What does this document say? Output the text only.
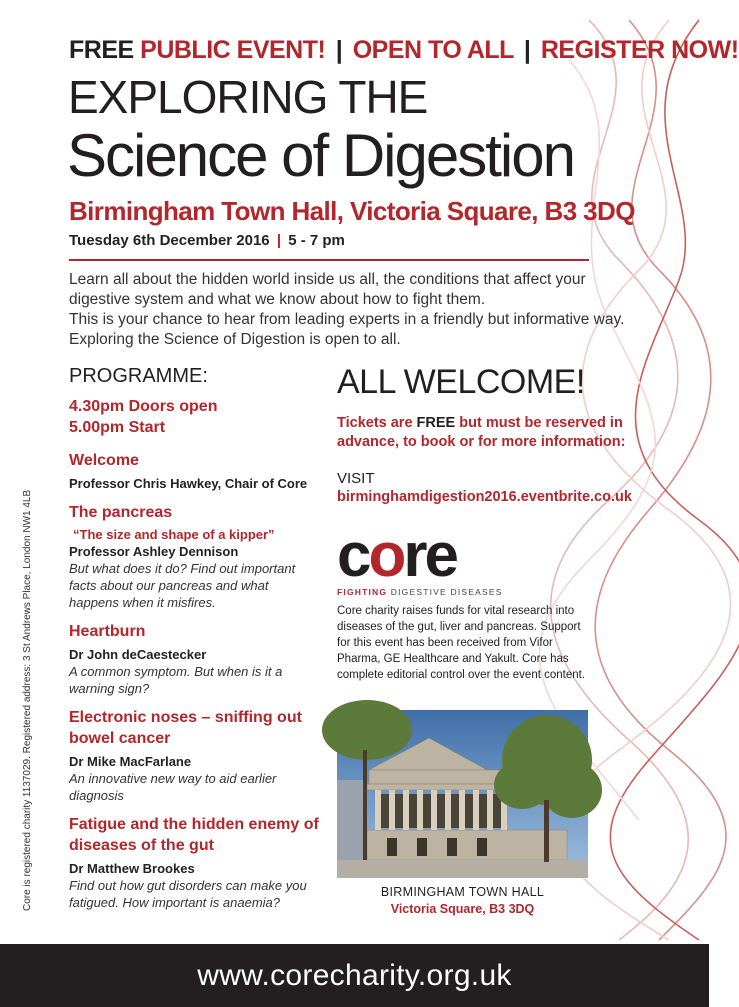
FREE PUBLIC EVENT! | OPEN TO ALL | REGISTER NOW!
EXPLORING THE
Science of Digestion
Birmingham Town Hall, Victoria Square, B3 3DQ
Tuesday 6th December 2016 | 5 - 7 pm

Learn all about the hidden world inside us all, the conditions that affect your

digestive system and what we know about how to fight them.

This is your chance to hear from leading experts in a friendly but informative way.

Exploring the Science of Digestion is open to all.

Core is registered charity 1137029. Registered address: 3 St Andrews Place, London NW1 4LB
PROGRAMME:
4.30pm Doors open
5.00pm Start
Welcome
Professor Chris Hawkey, Chair of Core
The pancreas
“The size and shape of a kipper”
Professor Ashley Dennison
But what does it do? Find out important facts about our pancreas and what happens when it misfires.
Heartburn
Dr John deCaestecker
A common symptom. But when is it a warning sign?
Electronic noses – sniffing out bowel cancer
Dr Mike MacFarlane
An innovative new way to aid earlier diagnosis
Fatigue and the hidden enemy of diseases of the gut
Dr Matthew Brookes
Find out how gut disorders can make you fatigued. How important is anaemia?
ALL WELCOME!
Tickets are FREE but must be reserved in advance, to book or for more information:
VISIT
birminghamdigestion2016.eventbrite.co.uk
core
FIGHTING DIGESTIVE DISEASES
Core charity raises funds for vital research into diseases of the gut, liver and pancreas. Support for this event has been received from Vifor Pharma, GE Healthcare and Yakult. Core has complete editorial control over the event content.
BIRMINGHAM TOWN HALL
Victoria Square, B3 3DQ
www.corecharity.org.uk
